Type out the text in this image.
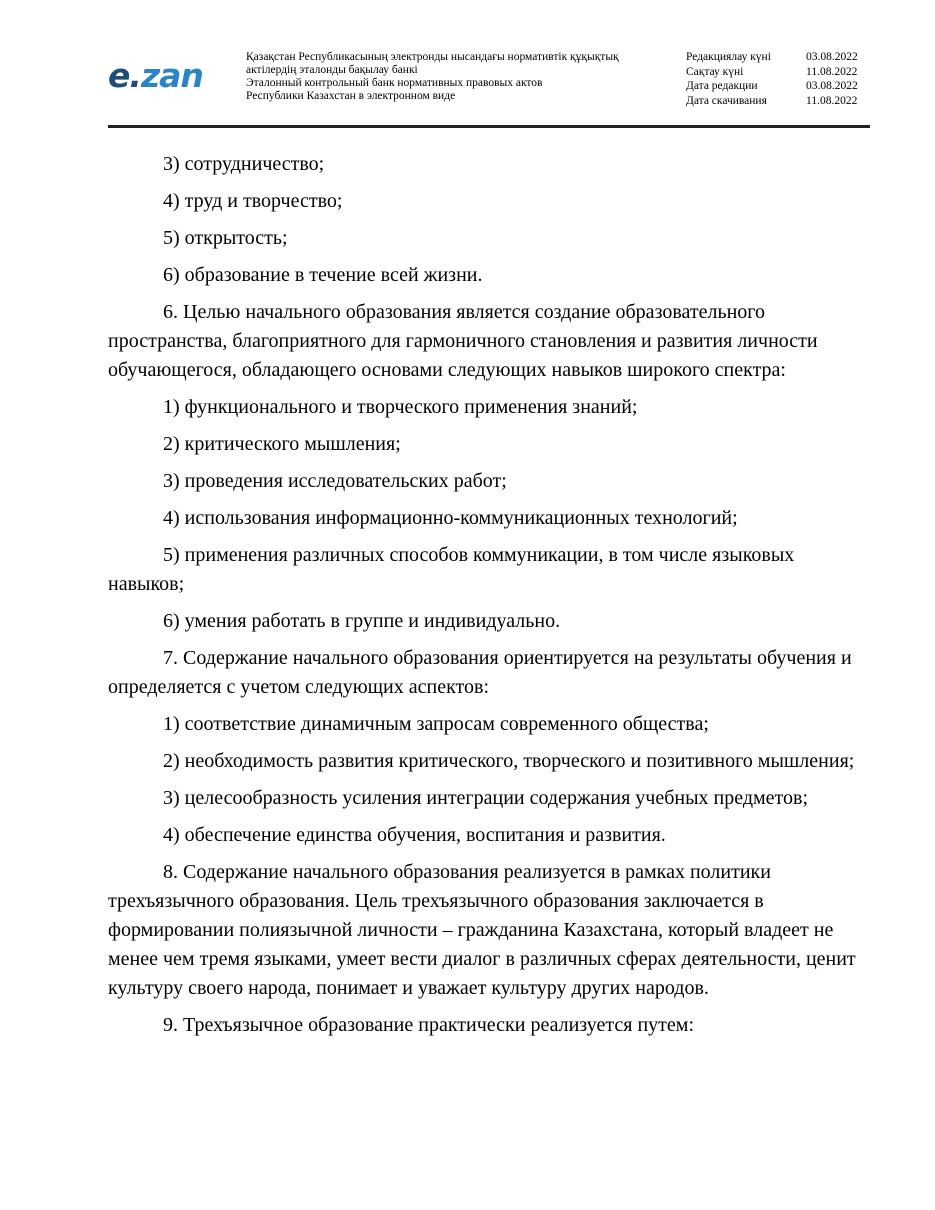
e.zan	Қазақстан Республикасының электронды нысандағы нормативтік құқықтық
актілердің эталонды бақылау банкі
Эталонный контрольный банк нормативных правовых актов
Республики Казахстан в электронном виде
Редакциялау күні	03.08.2022
Сақтау күні	11.08.2022
Дата редакции	03.08.2022
Дата скачивания	11.08.2022

3) сотрудничество;

4) труд и творчество;

5) открытость;

6) образование в течение всей жизни.

6. Целью начального образования является создание образовательного пространства, благоприятного для гармоничного становления и развития личности обучающегося, обладающего основами следующих навыков широкого спектра:

1) функционального и творческого применения знаний;

2) критического мышления;

3) проведения исследовательских работ;

4) использования информационно-коммуникационных технологий;

5) применения различных способов коммуникации, в том числе языковых навыков;

6) умения работать в группе и индивидуально.

7. Содержание начального образования ориентируется на результаты обучения и определяется с учетом следующих аспектов:

1) соответствие динамичным запросам современного общества;

2) необходимость развития критического, творческого и позитивного мышления;

3) целесообразность усиления интеграции содержания учебных предметов;

4) обеспечение единства обучения, воспитания и развития.

8. Содержание начального образования реализуется в рамках политики трехъязычного образования. Цель трехъязычного образования заключается в формировании полиязычной личности – гражданина Казахстана, который владеет не менее чем тремя языками, умеет вести диалог в различных сферах деятельности, ценит культуру своего народа, понимает и уважает культуру других народов.

9. Трехъязычное образование практически реализуется путем:
